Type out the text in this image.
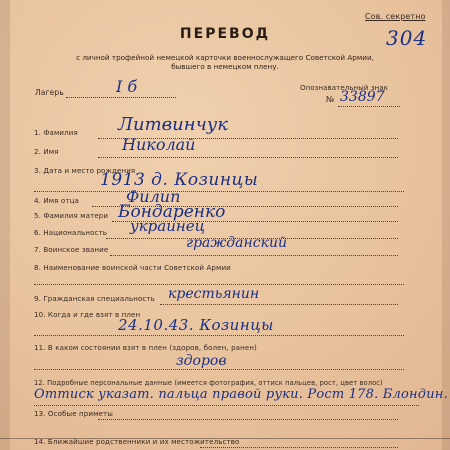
Сов. секретно
304
ПЕРЕВОД
с личной трофейной немецкой карточки военнослужащего Советской Армии,
бывшего в немецком плену.
Лагерь	I б	Опознавательный знак
№ 33897
1. Фамилия Литвинчук
2. Имя	Николай
3. Дата и место рождения
1913 д. Козинцы
4. Имя отца	Филип
5. Фамилия матери Бондаренко
6. Национальность украинец
7. Воинское звание	гражданский
8. Наименование воинской части Советской Армии
9. Гражданская специальность крестьянин
10. Когда и где взят в плен
24.10.43. Козинцы
11. В каком состоянии взят в плен (здоров, болен, ранен)
здоров
12. Подробные персональные данные (имеется фотография, оттиск пальцев, рост, цвет волос)
Оттиск указат. пальца правой руки. Рост 178. Блондин.
13. Особые приметы
14. Ближайшие родственники и их местожительство
